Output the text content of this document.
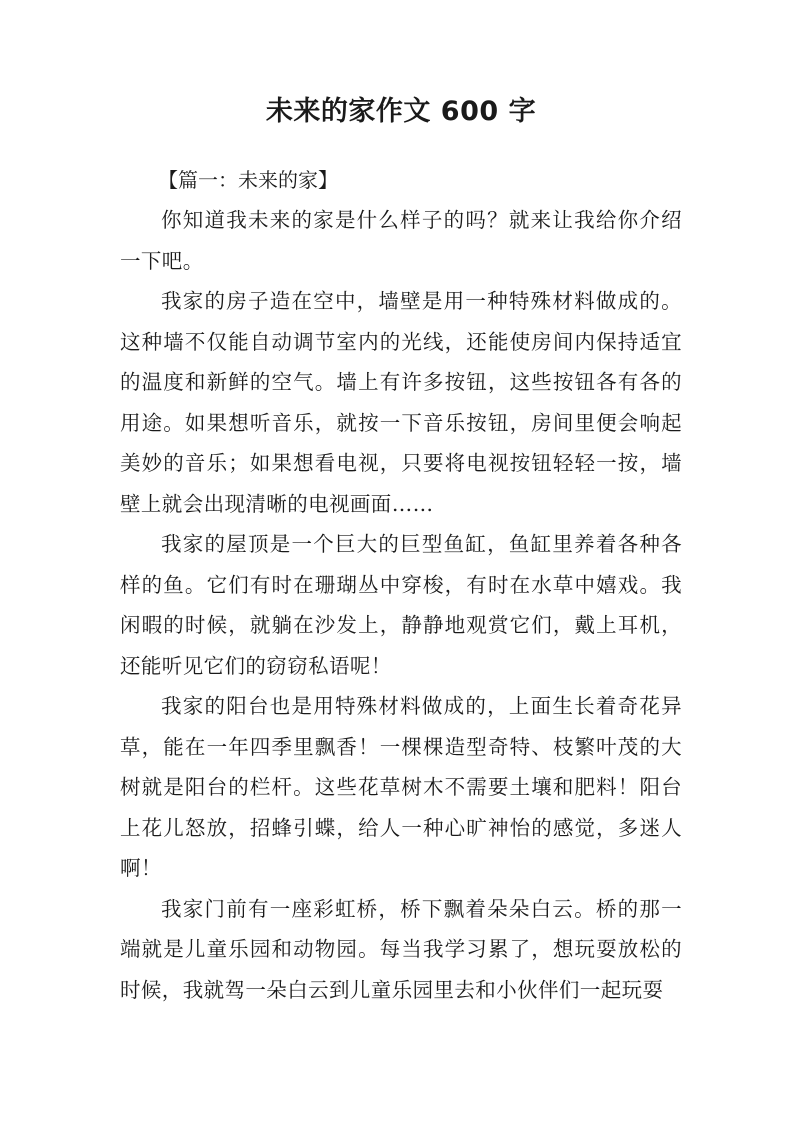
未来的家作文 600 字

【篇一：未来的家】

你知道我未来的家是什么样子的吗？就来让我给你介绍一下吧。

我家的房子造在空中，墙壁是用一种特殊材料做成的。这种墙不仅能自动调节室内的光线，还能使房间内保持适宜的温度和新鲜的空气。墙上有许多按钮，这些按钮各有各的用途。如果想听音乐，就按一下音乐按钮，房间里便会响起美妙的音乐；如果想看电视，只要将电视按钮轻轻一按，墙壁上就会出现清晰的电视画面……

我家的屋顶是一个巨大的巨型鱼缸，鱼缸里养着各种各样的鱼。它们有时在珊瑚丛中穿梭，有时在水草中嬉戏。我闲暇的时候，就躺在沙发上，静静地观赏它们，戴上耳机，还能听见它们的窃窃私语呢！

我家的阳台也是用特殊材料做成的，上面生长着奇花异草，能在一年四季里飘香！一棵棵造型奇特、枝繁叶茂的大树就是阳台的栏杆。这些花草树木不需要土壤和肥料！阳台上花儿怒放，招蜂引蝶，给人一种心旷神怡的感觉，多迷人啊！

我家门前有一座彩虹桥，桥下飘着朵朵白云。桥的那一端就是儿童乐园和动物园。每当我学习累了，想玩耍放松的时候，我就驾一朵白云到儿童乐园里去和小伙伴们一起玩耍
